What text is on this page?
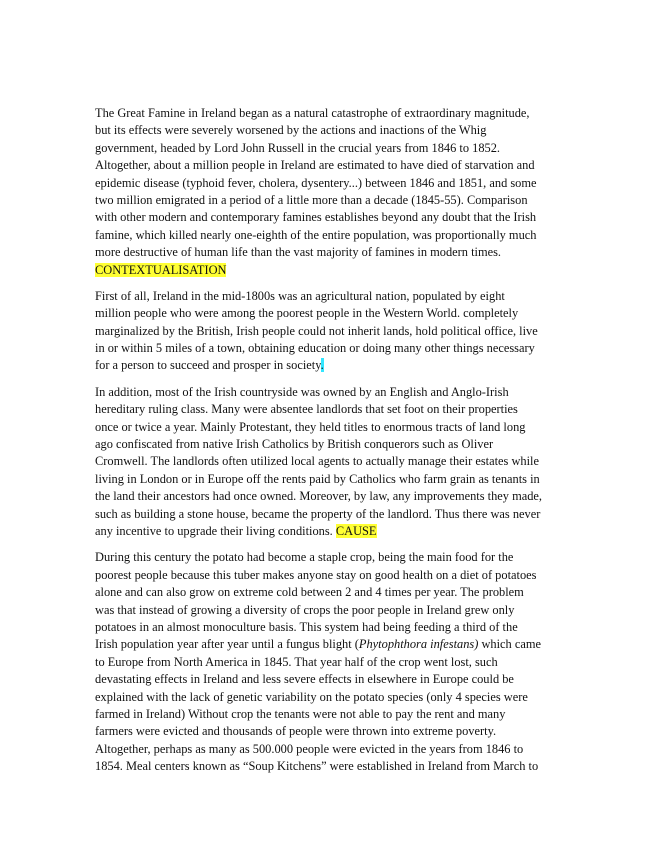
The Great Famine in Ireland began as a natural catastrophe of extraordinary magnitude,
but its effects were severely worsened by the actions and inactions of the Whig
government, headed by Lord John Russell in the crucial years from 1846 to 1852.
Altogether, about a million people in Ireland are estimated to have died of starvation and
epidemic disease (typhoid fever, cholera, dysentery...) between 1846 and 1851, and some
two million emigrated in a period of a little more than a decade (1845-55). Comparison
with other modern and contemporary famines establishes beyond any doubt that the Irish
famine, which killed nearly one-eighth of the entire population, was proportionally much
more destructive of human life than the vast majority of famines in modern times.
CONTEXTUALISATION
First of all, Ireland in the mid-1800s was an agricultural nation, populated by eight
million people who were among the poorest people in the Western World. completely
marginalized by the British, Irish people could not inherit lands, hold political office, live
in or within 5 miles of a town, obtaining education or doing many other things necessary
for a person to succeed and prosper in society.
In addition, most of the Irish countryside was owned by an English and Anglo-Irish
hereditary ruling class. Many were absentee landlords that set foot on their properties
once or twice a year. Mainly Protestant, they held titles to enormous tracts of land long
ago confiscated from native Irish Catholics by British conquerors such as Oliver
Cromwell. The landlords often utilized local agents to actually manage their estates while
living in London or in Europe off the rents paid by Catholics who farm grain as tenants in
the land their ancestors had once owned. Moreover, by law, any improvements they made,
such as building a stone house, became the property of the landlord. Thus there was never
any incentive to upgrade their living conditions. CAUSE
During this century the potato had become a staple crop, being the main food for the
poorest people because this tuber makes anyone stay on good health on a diet of potatoes
alone and can also grow on extreme cold between 2 and 4 times per year. The problem
was that instead of growing a diversity of crops the poor people in Ireland grew only
potatoes in an almost monoculture basis. This system had being feeding a third of the
Irish population year after year until a fungus blight (Phytophthora infestans) which came
to Europe from North America in 1845. That year half of the crop went lost, such
devastating effects in Ireland and less severe effects in elsewhere in Europe could be
explained with the lack of genetic variability on the potato species (only 4 species were
farmed in Ireland) Without crop the tenants were not able to pay the rent and many
farmers were evicted and thousands of people were thrown into extreme poverty.
Altogether, perhaps as many as 500.000 people were evicted in the years from 1846 to
1854. Meal centers known as “Soup Kitchens” were established in Ireland from March to
